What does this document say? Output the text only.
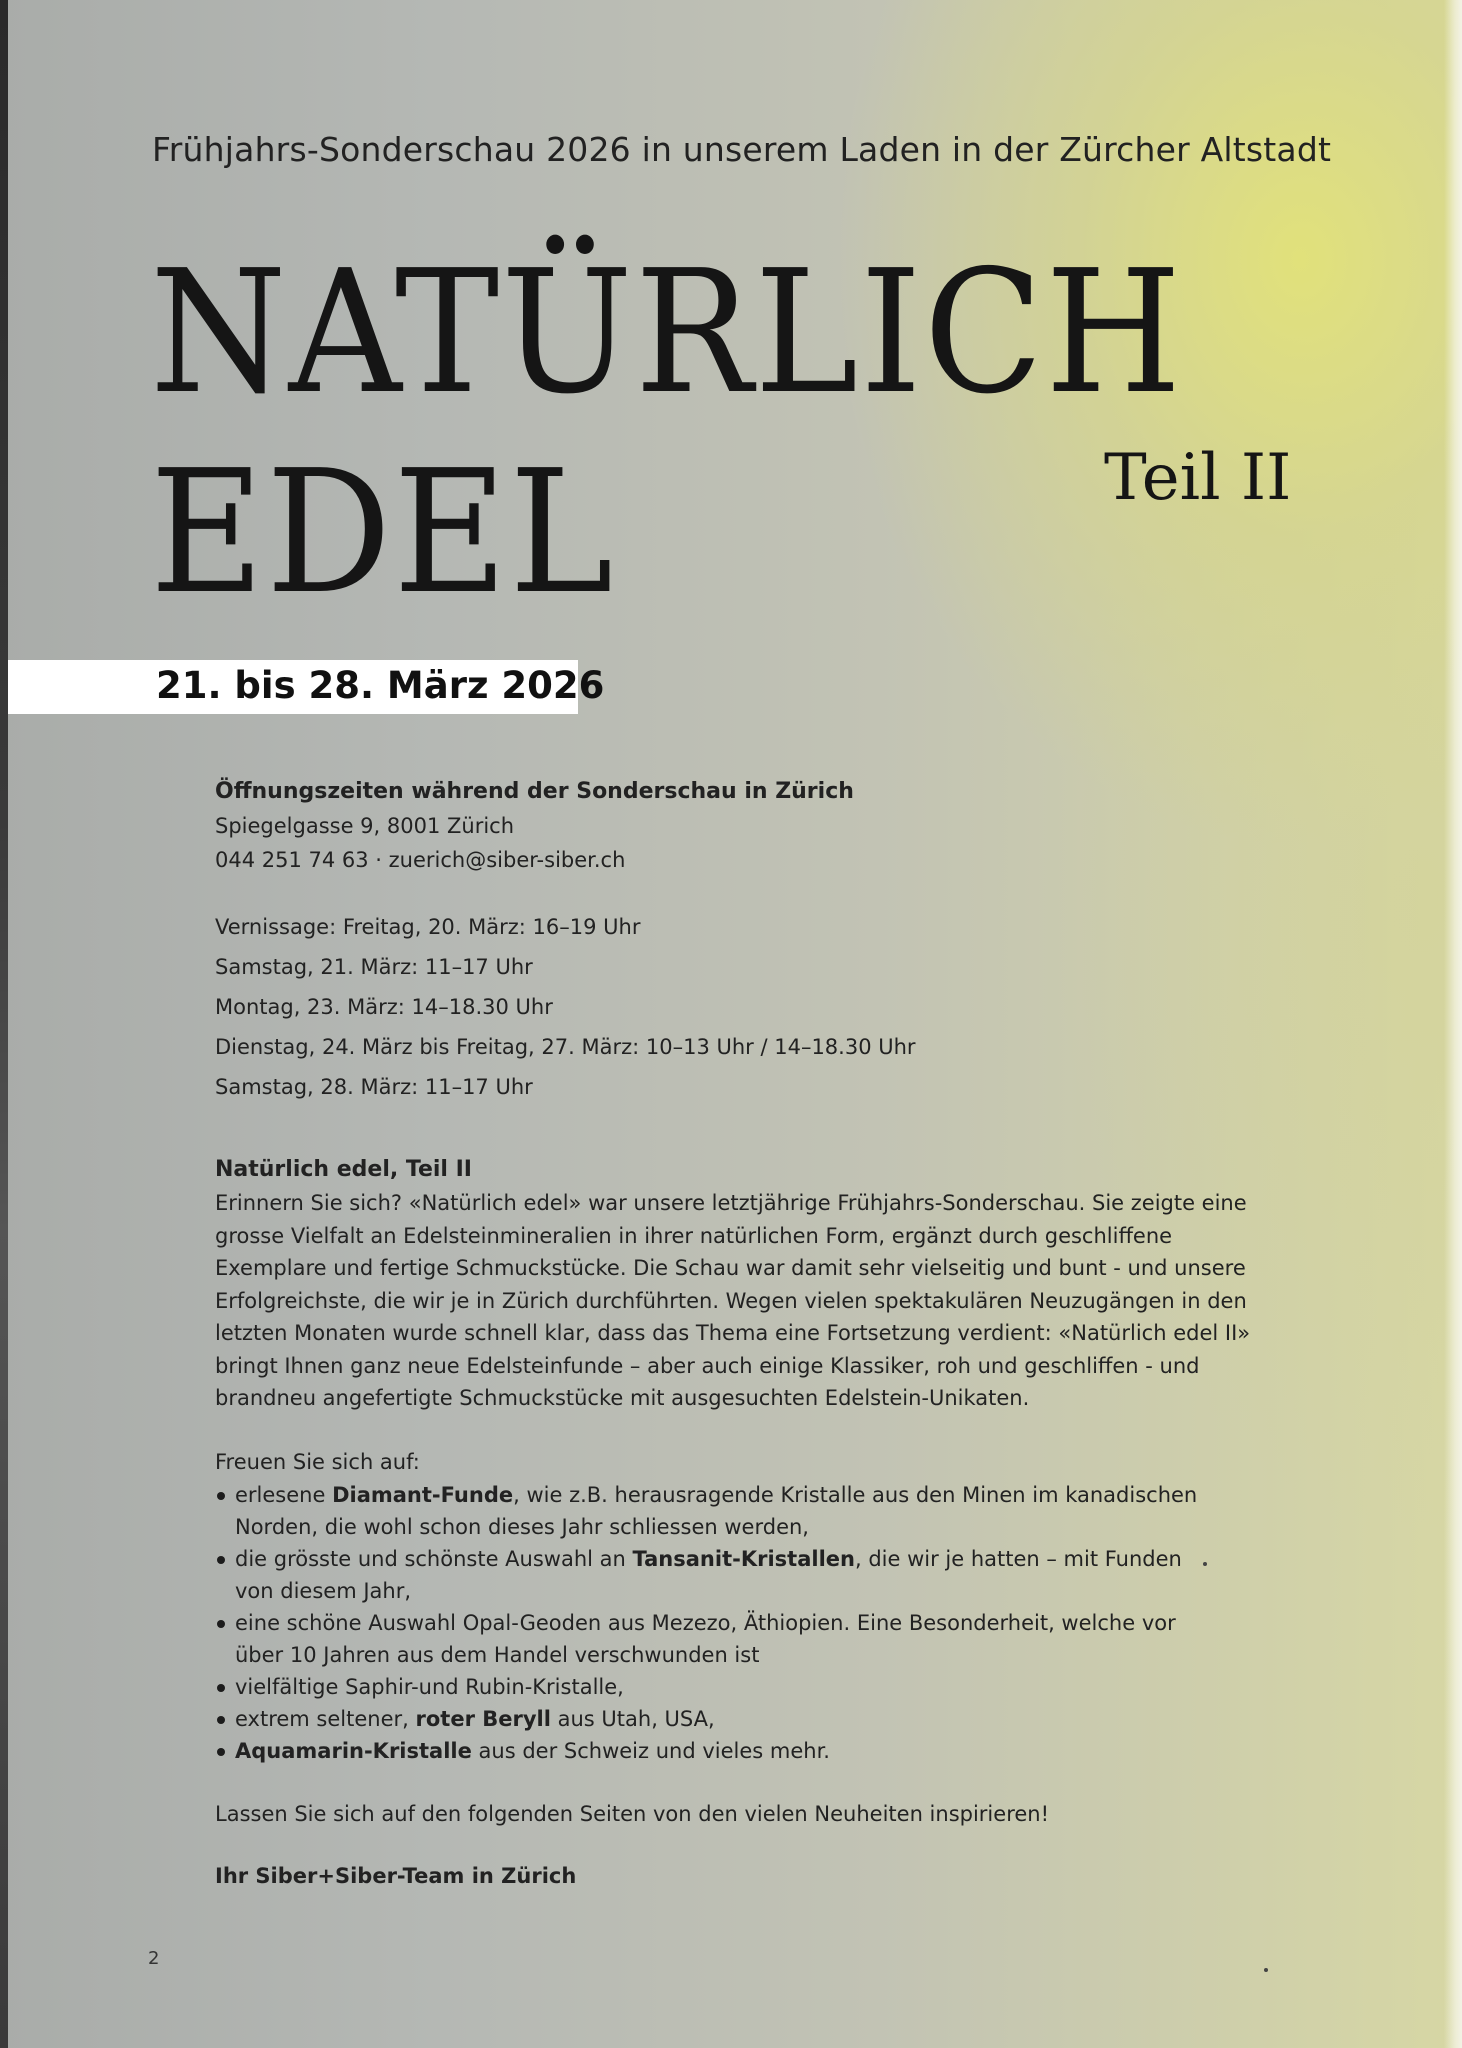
Frühjahrs-Sonderschau 2026 in unserem Laden in der Zürcher Altstadt
NATÜRLICH
EDEL	Teil II
21. bis 28. März 2026

Öffnungszeiten während der Sonderschau in Zürich

Spiegelgasse 9, 8001 Zürich

044 251 74 63 · zuerich@siber-siber.ch

Vernissage: Freitag, 20. März: 16–19 Uhr

Samstag, 21. März: 11–17 Uhr

Montag, 23. März: 14–18.30 Uhr

Dienstag, 24. März bis Freitag, 27. März: 10–13 Uhr / 14–18.30 Uhr

Samstag, 28. März: 11–17 Uhr

Natürlich edel, Teil II

Erinnern Sie sich? «Natürlich edel» war unsere letztjährige Frühjahrs-Sonderschau. Sie zeigte eine grosse Vielfalt an Edelsteinmineralien in ihrer natürlichen Form, ergänzt durch geschliffene Exemplare und fertige Schmuckstücke. Die Schau war damit sehr vielseitig und bunt - und unsere Erfolgreichste, die wir je in Zürich durchführten. Wegen vielen spektakulären Neuzugängen in den letzten Monaten wurde schnell klar, dass das Thema eine Fortsetzung verdient: «Natürlich edel II» bringt Ihnen ganz neue Edelsteinfunde – aber auch einige Klassiker, roh und geschliffen - und brandneu angefertigte Schmuckstücke mit ausgesuchten Edelstein-Unikaten.

Freuen Sie sich auf:

erlesene Diamant-Funde, wie z.B. herausragende Kristalle aus den Minen im kanadischen Norden, die wohl schon dieses Jahr schliessen werden,
die grösste und schönste Auswahl an Tansanit-Kristallen, die wir je hatten – mit Funden von diesem Jahr,
eine schöne Auswahl Opal-Geoden aus Mezezo, Äthiopien. Eine Besonderheit, welche vor über 10 Jahren aus dem Handel verschwunden ist
vielfältige Saphir-und Rubin-Kristalle,
extrem seltener, roter Beryll aus Utah, USA,
Aquamarin-Kristalle aus der Schweiz und vieles mehr.

Lassen Sie sich auf den folgenden Seiten von den vielen Neuheiten inspirieren!

Ihr Siber+Siber-Team in Zürich

2
